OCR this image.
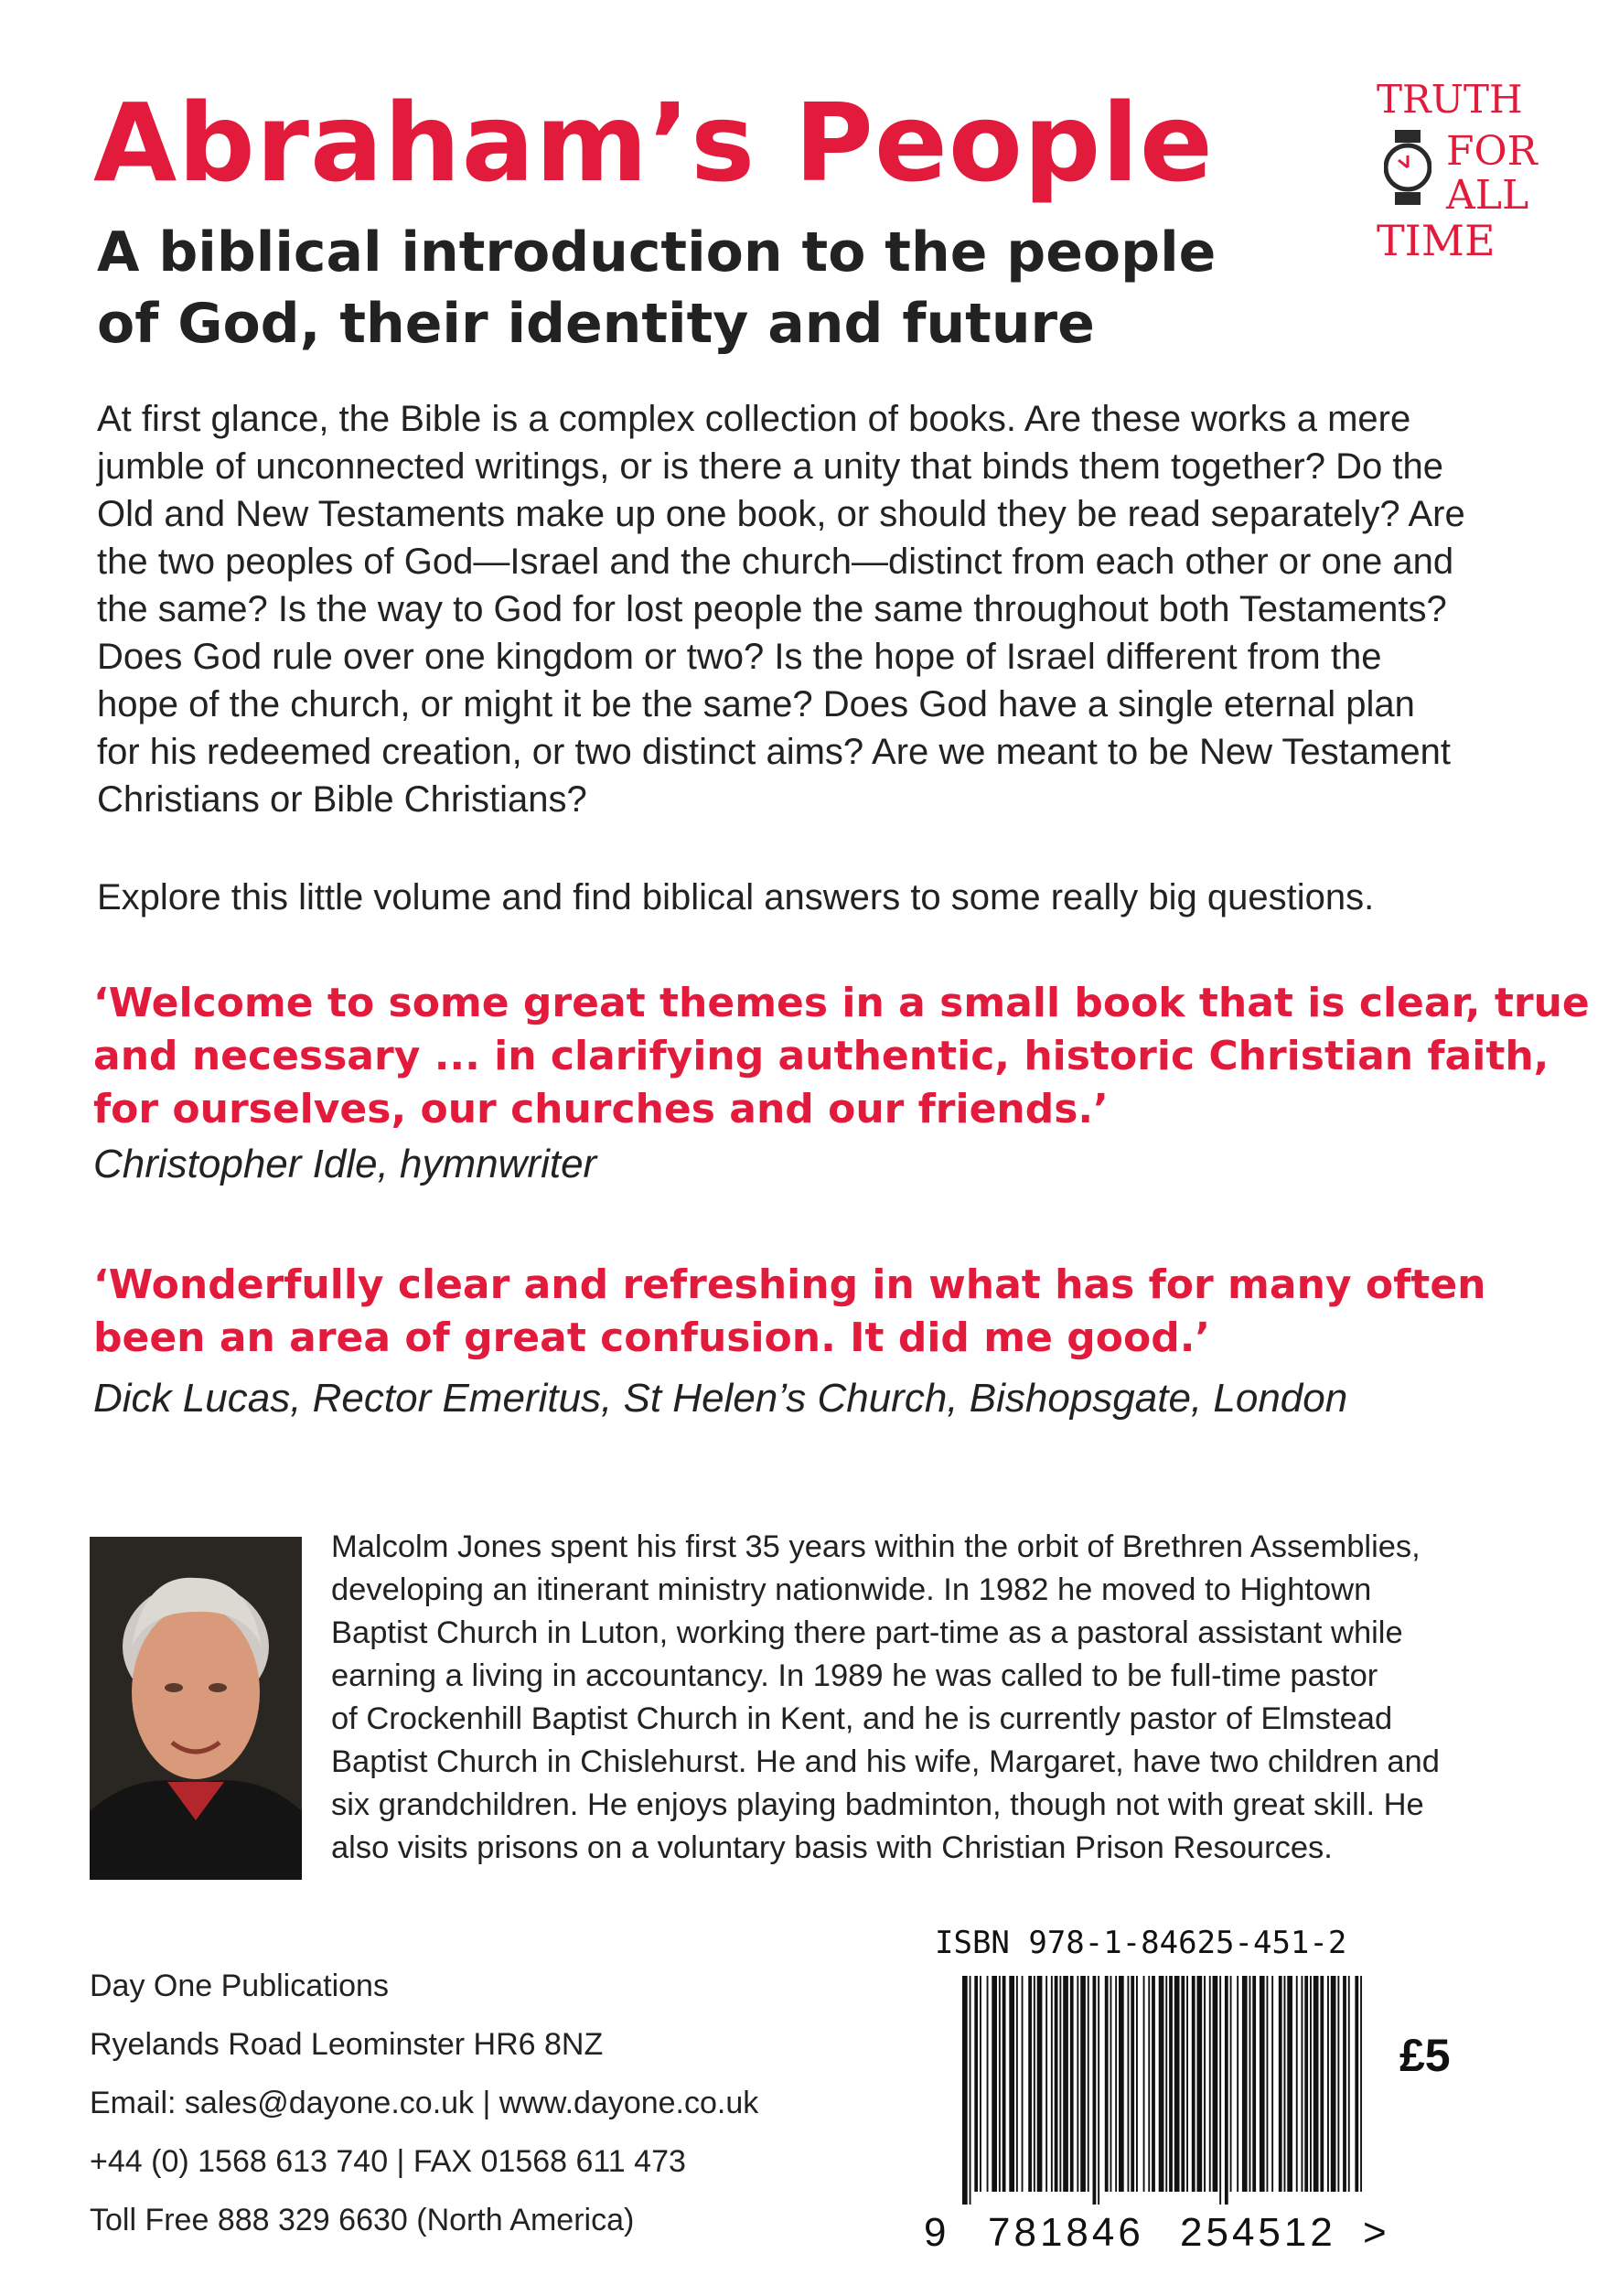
Abraham’s People
A biblical introduction to the people
of God, their identity and future
TRUTH
FOR
ALL
TIME
At first glance, the Bible is a complex collection of books. Are these works a mere
jumble of unconnected writings, or is there a unity that binds them together? Do the
Old and New Testaments make up one book, or should they be read separately? Are
the two peoples of God—Israel and the church—distinct from each other or one and
the same? Is the way to God for lost people the same throughout both Testaments?
Does God rule over one kingdom or two? Is the hope of Israel different from the
hope of the church, or might it be the same? Does God have a single eternal plan
for his redeemed creation, or two distinct aims? Are we meant to be New Testament
Christians or Bible Christians?
Explore this little volume and find biblical answers to some really big questions.
‘Welcome to some great themes in a small book that is clear, true
and necessary ... in clarifying authentic, historic Christian faith,
for ourselves, our churches and our friends.’
Christopher Idle, hymnwriter
‘Wonderfully clear and refreshing in what has for many often
been an area of great confusion. It did me good.’
Dick Lucas, Rector Emeritus, St Helen’s Church, Bishopsgate, London
Malcolm Jones spent his first 35 years within the orbit of Brethren Assemblies,
developing an itinerant ministry nationwide. In 1982 he moved to Hightown
Baptist Church in Luton, working there part-time as a pastoral assistant while
earning a living in accountancy. In 1989 he was called to be full-time pastor
of Crockenhill Baptist Church in Kent, and he is currently pastor of Elmstead
Baptist Church in Chislehurst. He and his wife, Margaret, have two children and
six grandchildren. He enjoys playing badminton, though not with great skill. He
also visits prisons on a voluntary basis with Christian Prison Resources.
Day One Publications
Ryelands Road Leominster HR6 8NZ
Email: sales@dayone.co.uk | www.dayone.co.uk
+44 (0) 1568 613 740 | FAX 01568 611 473
Toll Free 888 329 6630 (North America)
ISBN 978-1-84625-451-2
9 781846 254512 >
£5
